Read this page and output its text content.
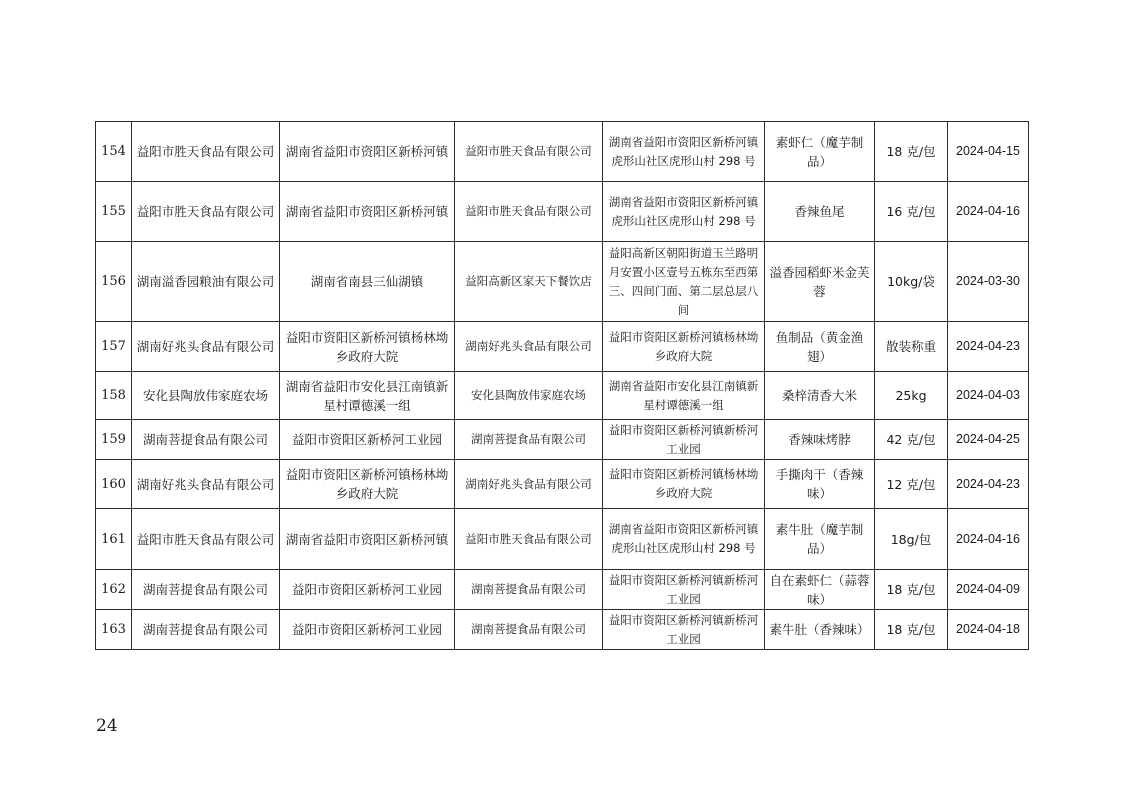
154	益阳市胜天食品有限公司	湖南省益阳市资阳区新桥河镇	益阳市胜天食品有限公司	湖南省益阳市资阳区新桥河镇虎形山社区虎形山村 298 号	素虾仁（魔芋制品）	18 克/包	2024-04-15
155	益阳市胜天食品有限公司	湖南省益阳市资阳区新桥河镇	益阳市胜天食品有限公司	湖南省益阳市资阳区新桥河镇虎形山社区虎形山村 298 号	香辣鱼尾	16 克/包	2024-04-16
156	湖南溢香园粮油有限公司	湖南省南县三仙湖镇	益阳高新区家天下餐饮店	益阳高新区朝阳街道玉兰路明月安置小区壹号五栋东至西第三、四间门面、第二层总层八间	溢香园稻虾米金芙蓉	10kg/袋	2024-03-30
157	湖南好兆头食品有限公司	益阳市资阳区新桥河镇杨林坳乡政府大院	湖南好兆头食品有限公司	益阳市资阳区新桥河镇杨林坳乡政府大院	鱼制品（黄金渔翅）	散装称重	2024-04-23
158	安化县陶放伟家庭农场	湖南省益阳市安化县江南镇新星村谭德溪一组	安化县陶放伟家庭农场	湖南省益阳市安化县江南镇新星村谭德溪一组	桑梓清香大米	25kg	2024-04-03
159	湖南菩提食品有限公司	益阳市资阳区新桥河工业园	湖南菩提食品有限公司	益阳市资阳区新桥河镇新桥河工业园	香辣味烤脖	42 克/包	2024-04-25
160	湖南好兆头食品有限公司	益阳市资阳区新桥河镇杨林坳乡政府大院	湖南好兆头食品有限公司	益阳市资阳区新桥河镇杨林坳乡政府大院	手撕肉干（香辣味）	12 克/包	2024-04-23
161	益阳市胜天食品有限公司	湖南省益阳市资阳区新桥河镇	益阳市胜天食品有限公司	湖南省益阳市资阳区新桥河镇虎形山社区虎形山村 298 号	素牛肚（魔芋制品）	18g/包	2024-04-16
162	湖南菩提食品有限公司	益阳市资阳区新桥河工业园	湖南菩提食品有限公司	益阳市资阳区新桥河镇新桥河工业园	自在素虾仁（蒜蓉味）	18 克/包	2024-04-09
163	湖南菩提食品有限公司	益阳市资阳区新桥河工业园	湖南菩提食品有限公司	益阳市资阳区新桥河镇新桥河工业园	素牛肚（香辣味）	18 克/包	2024-04-18
24
